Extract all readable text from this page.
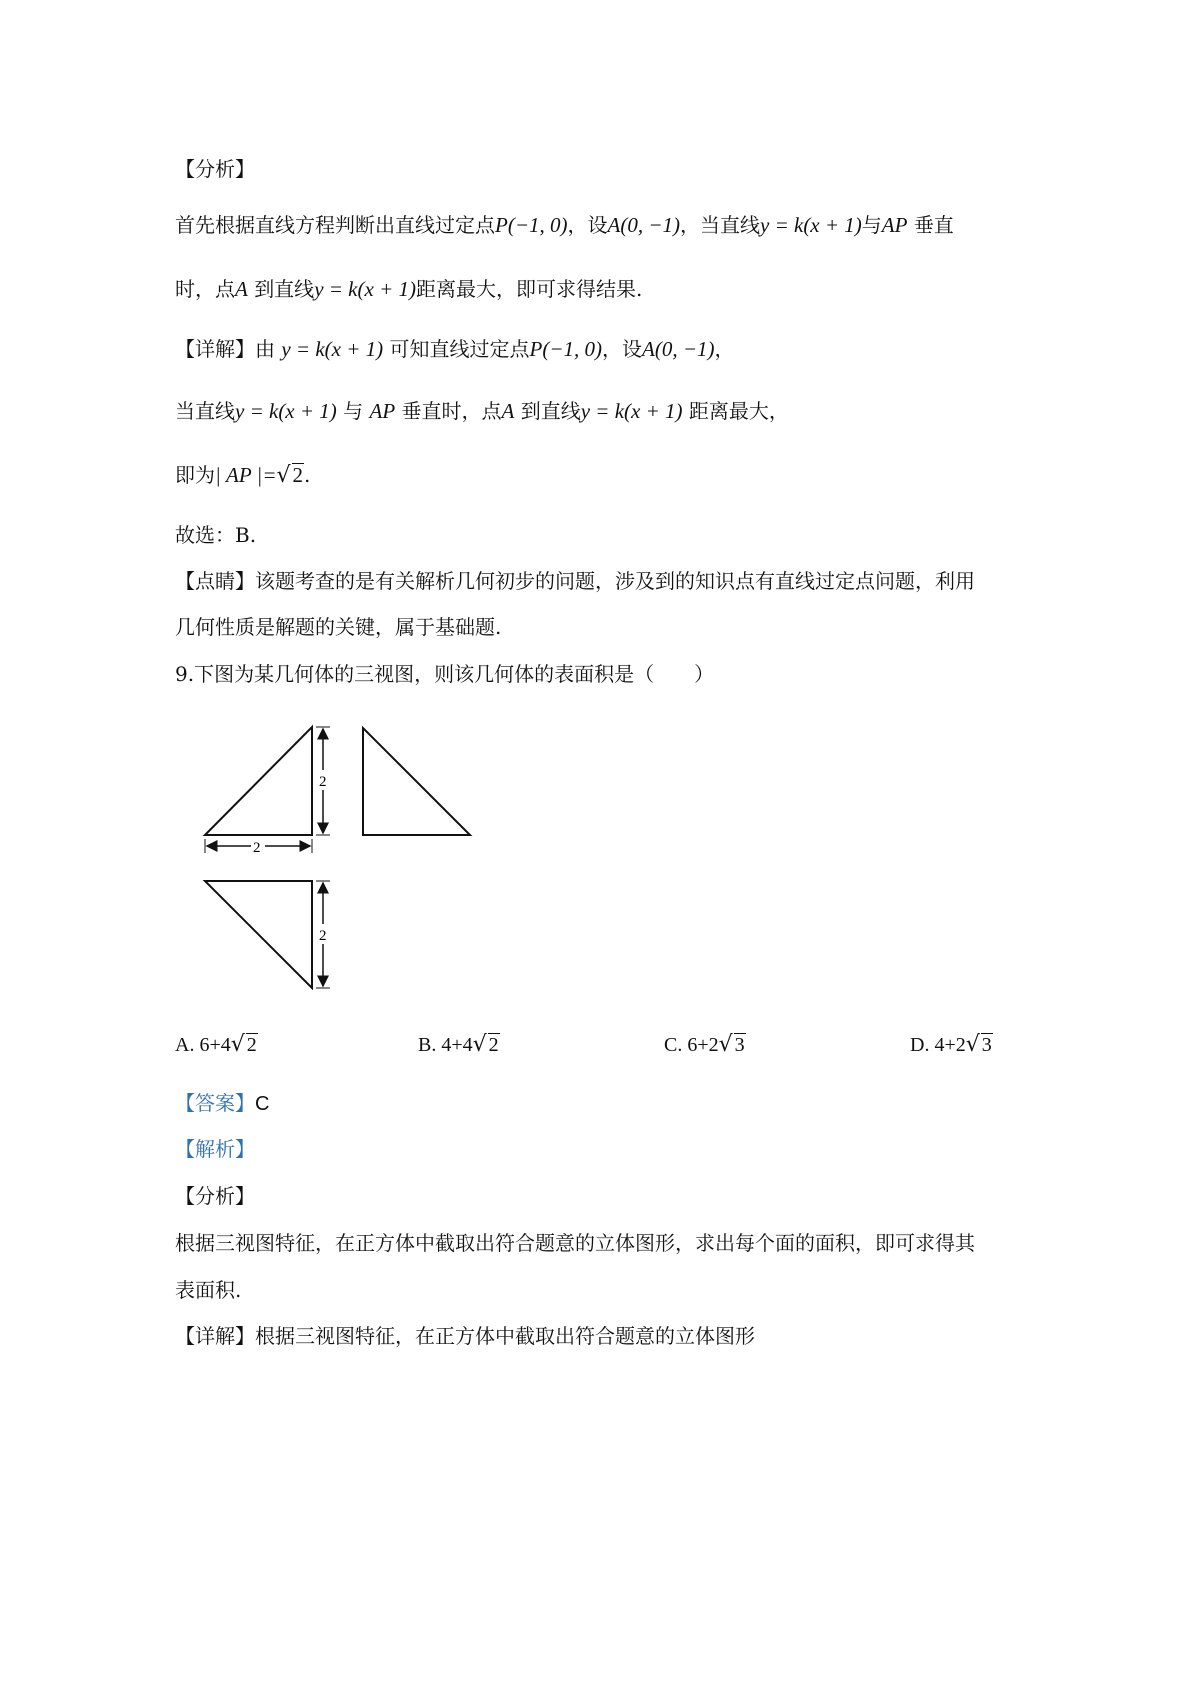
【分析】
首先根据直线方程判断出直线过定点P(−1, 0)，设A(0, −1)，当直线y = k(x + 1)与AP 垂直
时，点A 到直线y = k(x + 1)距离最大，即可求得结果.
【详解】由 y = k(x + 1) 可知直线过定点P(−1, 0)，设A(0, −1)，
当直线y = k(x + 1) 与 AP 垂直时，点A 到直线y = k(x + 1) 距离最大，
即为| AP |=√2.
故选：B.
【点睛】该题考查的是有关解析几何初步的问题，涉及到的知识点有直线过定点问题，利用
几何性质是解题的关键，属于基础题.
9.下图为某几何体的三视图，则该几何体的表面积是（　　）
2
2
2
A. 6+4√ 2	B. 4+4√ 2	C. 6+2√ 3	D. 4+2√ 3
【答案】C
【解析】
【分析】
根据三视图特征，在正方体中截取出符合题意的立体图形，求出每个面的面积，即可求得其
表面积.
【详解】根据三视图特征，在正方体中截取出符合题意的立体图形
